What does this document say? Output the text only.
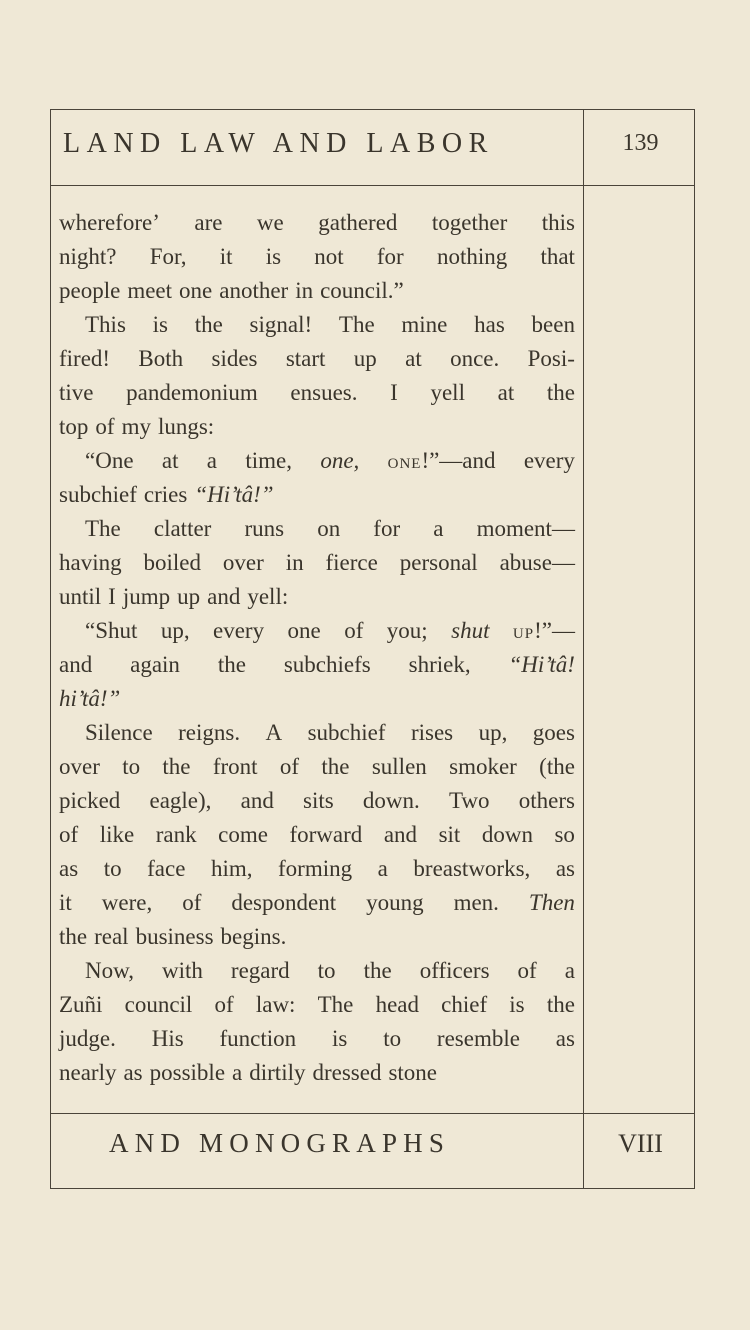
LAND LAW AND LABOR	139
wherefore’ are we gathered together this
night? For, it is not for nothing that
people meet one another in council.”
This is the signal! The mine has been
fired! Both sides start up at once. Posi-
tive pandemonium ensues. I yell at the
top of my lungs:
“One at a time, one, one!”—and every
subchief cries “Hi’tâ!”
The clatter runs on for a moment—
having boiled over in fierce personal abuse—
until I jump up and yell:
“Shut up, every one of you; shut up!”—
and again the subchiefs shriek, “Hi’tâ!
hi’tâ!”
Silence reigns. A subchief rises up, goes
over to the front of the sullen smoker (the
picked eagle), and sits down. Two others
of like rank come forward and sit down so
as to face him, forming a breastworks, as
it were, of despondent young men. Then
the real business begins.
Now, with regard to the officers of a
Zuñi council of law: The head chief is the
judge. His function is to resemble as
nearly as possible a dirtily dressed stone
AND MONOGRAPHS	VIII
